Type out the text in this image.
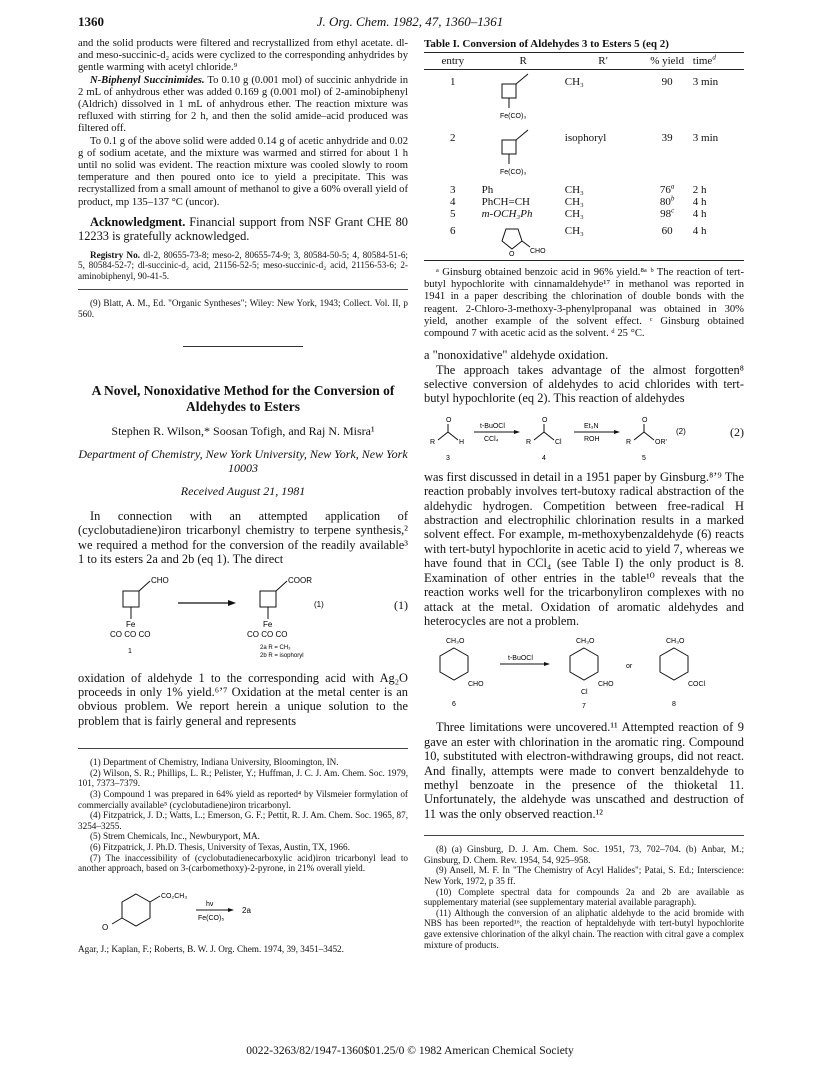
1360	J. Org. Chem. 1982, 47, 1360–1361

and the solid products were filtered and recrystallized from ethyl acetate. dl- and meso-succinic-d₂ acids were cyclized to the corresponding anhydrides by gentle warming with acetyl chloride.⁹

N-Biphenyl Succinimides. To 0.10 g (0.001 mol) of succinic anhydride in 2 mL of anhydrous ether was added 0.169 g (0.001 mol) of 2-aminobiphenyl (Aldrich) dissolved in 1 mL of anhydrous ether. The reaction mixture was refluxed with stirring for 2 h, and then the solid amide–acid produced was filtered off.

To 0.1 g of the above solid were added 0.14 g of acetic anhydride and 0.02 g of sodium acetate, and the mixture was warmed and stirred for about 1 h until no solid was evident. The reaction mixture was cooled slowly to room temperature and then poured onto ice to yield a precipitate. This was recrystallized from a small amount of methanol to give a 60% overall yield of product, mp 135–137 °C (uncor).

Acknowledgment. Financial support from NSF Grant CHE 80 12233 is gratefully acknowledged.

Registry No. dl-2, 80655-73-8; meso-2, 80655-74-9; 3, 80584-50-5; 4, 80584-51-6; 5, 80584-52-7; dl-succinic-d₂ acid, 21156-52-5; meso-succinic-d₂ acid, 21156-53-6; 2-aminobiphenyl, 90-41-5.

(9) Blatt, A. M., Ed. "Organic Syntheses"; Wiley: New York, 1943; Collect. Vol. II, p 560.

A Novel, Nonoxidative Method for the Conversion of Aldehydes to Esters
Stephen R. Wilson,* Soosan Tofigh, and Raj N. Misra¹
Department of Chemistry, New York University, New York, New York 10003
Received August 21, 1981

In connection with an attempted application of (cyclobutadiene)iron tricarbonyl chemistry to terpene synthesis,² we required a method for the conversion of the readily available³ 1 to its esters 2a and 2b (eq 1). The direct

CHO
Fe
CO CO CO
1
COOR
Fe
CO CO CO
2a R = CH₃
2b R = isophoryl
(1)	(1)

oxidation of aldehyde 1 to the corresponding acid with Ag₂O proceeds in only 1% yield.⁶ʼ⁷ Oxidation at the metal center is an obvious problem. We report herein a unique solution to the problem that is fairly general and represents

(1) Department of Chemistry, Indiana University, Bloomington, IN.

(2) Wilson, S. R.; Phillips, L. R.; Pelister, Y.; Huffman, J. C. J. Am. Chem. Soc. 1979, 101, 7373–7379.

(3) Compound 1 was prepared in 64% yield as reported⁴ by Vilsmeier formylation of commercially available⁵ (cyclobutadiene)iron tricarbonyl.

(4) Fitzpatrick, J. D.; Watts, L.; Emerson, G. F.; Pettit, R. J. Am. Chem. Soc. 1965, 87, 3254–3255.

(5) Strem Chemicals, Inc., Newburyport, MA.

(6) Fitzpatrick, J. Ph.D. Thesis, University of Texas, Austin, TX, 1966.

(7) The inaccessibility of (cyclobutadienecarboxylic acid)iron tricarbonyl lead to another approach, based on 3-(carbomethoxy)-2-pyrone, in 21% overall yield.

O
CO₂CH₃
hν
Fe(CO)₅
2a

Agar, J.; Kaplan, F.; Roberts, B. W. J. Org. Chem. 1974, 39, 3451–3452.

Table I. Conversion of Aldehydes 3 to Esters 5 (eq 2)
entry	R	R′	% yield	time$^d$
1	Fe(CO)₃	CH₃	90	3 min
2	Fe(CO)₃	isophoryl	39	3 min
3	Ph	CH₃	76$^a$	2 h
4	PhCH=CH	CH₃	80$^b$	4 h
5	m-OCH₃Ph	CH₃	98$^c$	4 h
6	O CHO	CH₃	60	4 h

ᵃ Ginsburg obtained benzoic acid in 96% yield.⁸ᵃ ᵇ The reaction of tert-butyl hypochlorite with cinnamaldehyde¹⁷ in methanol was reported in 1941 in a paper describing the chlorination of double bonds with the reagent. 2-Chloro-3-methoxy-3-phenylpropanal was obtained in 30% yield, another example of the solvent effect. ᶜ Ginsburg obtained compound 7 with acetic acid as the solvent. ᵈ 25 °C.

a "nonoxidative" aldehyde oxidation.

The approach takes advantage of the almost forgotten⁸ selective conversion of aldehydes to acid chlorides with tert-butyl hypochlorite (eq 2). This reaction of aldehydes

O
R	H
3
t-BuOCl
CCl₄
O
R	Cl
4
Et₃N
ROH
O
R	OR'
5
(2)	(2)

was first discussed in detail in a 1951 paper by Ginsburg.⁸ʼ⁹ The reaction probably involves tert-butoxy radical abstraction of the aldehydic hydrogen. Competition between free-radical H abstraction and electrophilic chlorination results in a marked solvent effect. For example, m-methoxybenzaldehyde (6) reacts with tert-butyl hypochlorite in acetic acid to yield 7, whereas we have found that in CCl₄ (see Table I) the only product is 8. Examination of other entries in the table¹⁰ reveals that the reaction works well for the tricarbonyliron complexes with no attack at the metal. Oxidation of aromatic aldehydes and heterocycles are not a problem.

CH₃O
CHO
6
t-BuOCl
CH₃O
CHO
Cl
7
or
CH₃O
COCl
8

Three limitations were uncovered.¹¹ Attempted reaction of 9 gave an ester with chlorination in the aromatic ring. Compound 10, substituted with electron-withdrawing groups, did not react. And finally, attempts were made to convert benzaldehyde to methyl benzoate in the presence of the thioketal 11. Unfortunately, the aldehyde was unscathed and destruction of 11 was the only observed reaction.¹²

(8) (a) Ginsburg, D. J. Am. Chem. Soc. 1951, 73, 702–704. (b) Anbar, M.; Ginsburg, D. Chem. Rev. 1954, 54, 925–958.

(9) Ansell, M. F. In "The Chemistry of Acyl Halides"; Patai, S. Ed.; Interscience: New York, 1972, p 35 ff.

(10) Complete spectral data for compounds 2a and 2b are available as supplementary material (see supplementary material available paragraph).

(11) Although the conversion of an aliphatic aldehyde to the acid bromide with NBS has been reported¹⁶, the reaction of heptaldehyde with tert-butyl hypochlorite gave extensive chlorination of the alkyl chain. The reaction with citral gave a complex mixture of products.

0022-3263/82/1947-1360$01.25/0 © 1982 American Chemical Society
